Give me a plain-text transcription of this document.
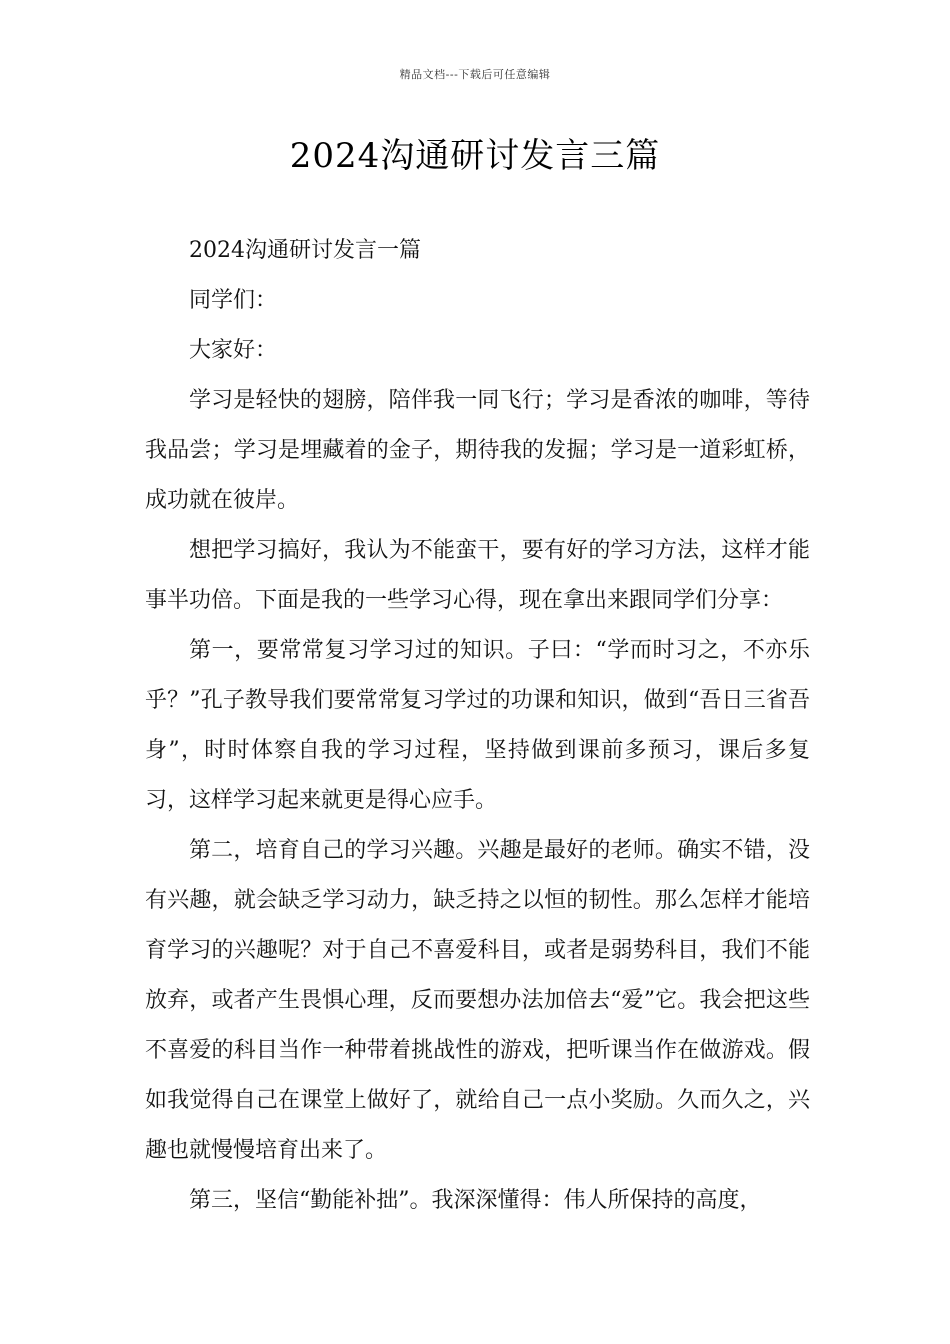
精品文档---下载后可任意编辑
2024沟通研讨发言三篇

2024沟通研讨发言一篇

同学们：

大家好：

学习是轻快的翅膀，陪伴我一同飞行；学习是香浓的咖啡，等待我品尝；学习是埋藏着的金子，期待我的发掘；学习是一道彩虹桥，成功就在彼岸。

想把学习搞好，我认为不能蛮干，要有好的学习方法，这样才能事半功倍。下面是我的一些学习心得，现在拿出来跟同学们分享：

第一，要常常复习学习过的知识。子曰：“学而时习之，不亦乐乎？”孔子教导我们要常常复习学过的功课和知识，做到“吾日三省吾身”，时时体察自我的学习过程，坚持做到课前多预习，课后多复习，这样学习起来就更是得心应手。

第二，培育自己的学习兴趣。兴趣是最好的老师。确实不错，没有兴趣，就会缺乏学习动力，缺乏持之以恒的韧性。那么怎样才能培育学习的兴趣呢？对于自己不喜爱科目，或者是弱势科目，我们不能放弃，或者产生畏惧心理，反而要想办法加倍去“爱”它。我会把这些不喜爱的科目当作一种带着挑战性的游戏，把听课当作在做游戏。假如我觉得自己在课堂上做好了，就给自己一点小奖励。久而久之，兴趣也就慢慢培育出来了。

第三，坚信“勤能补拙”。我深深懂得：伟人所保持的高度，
